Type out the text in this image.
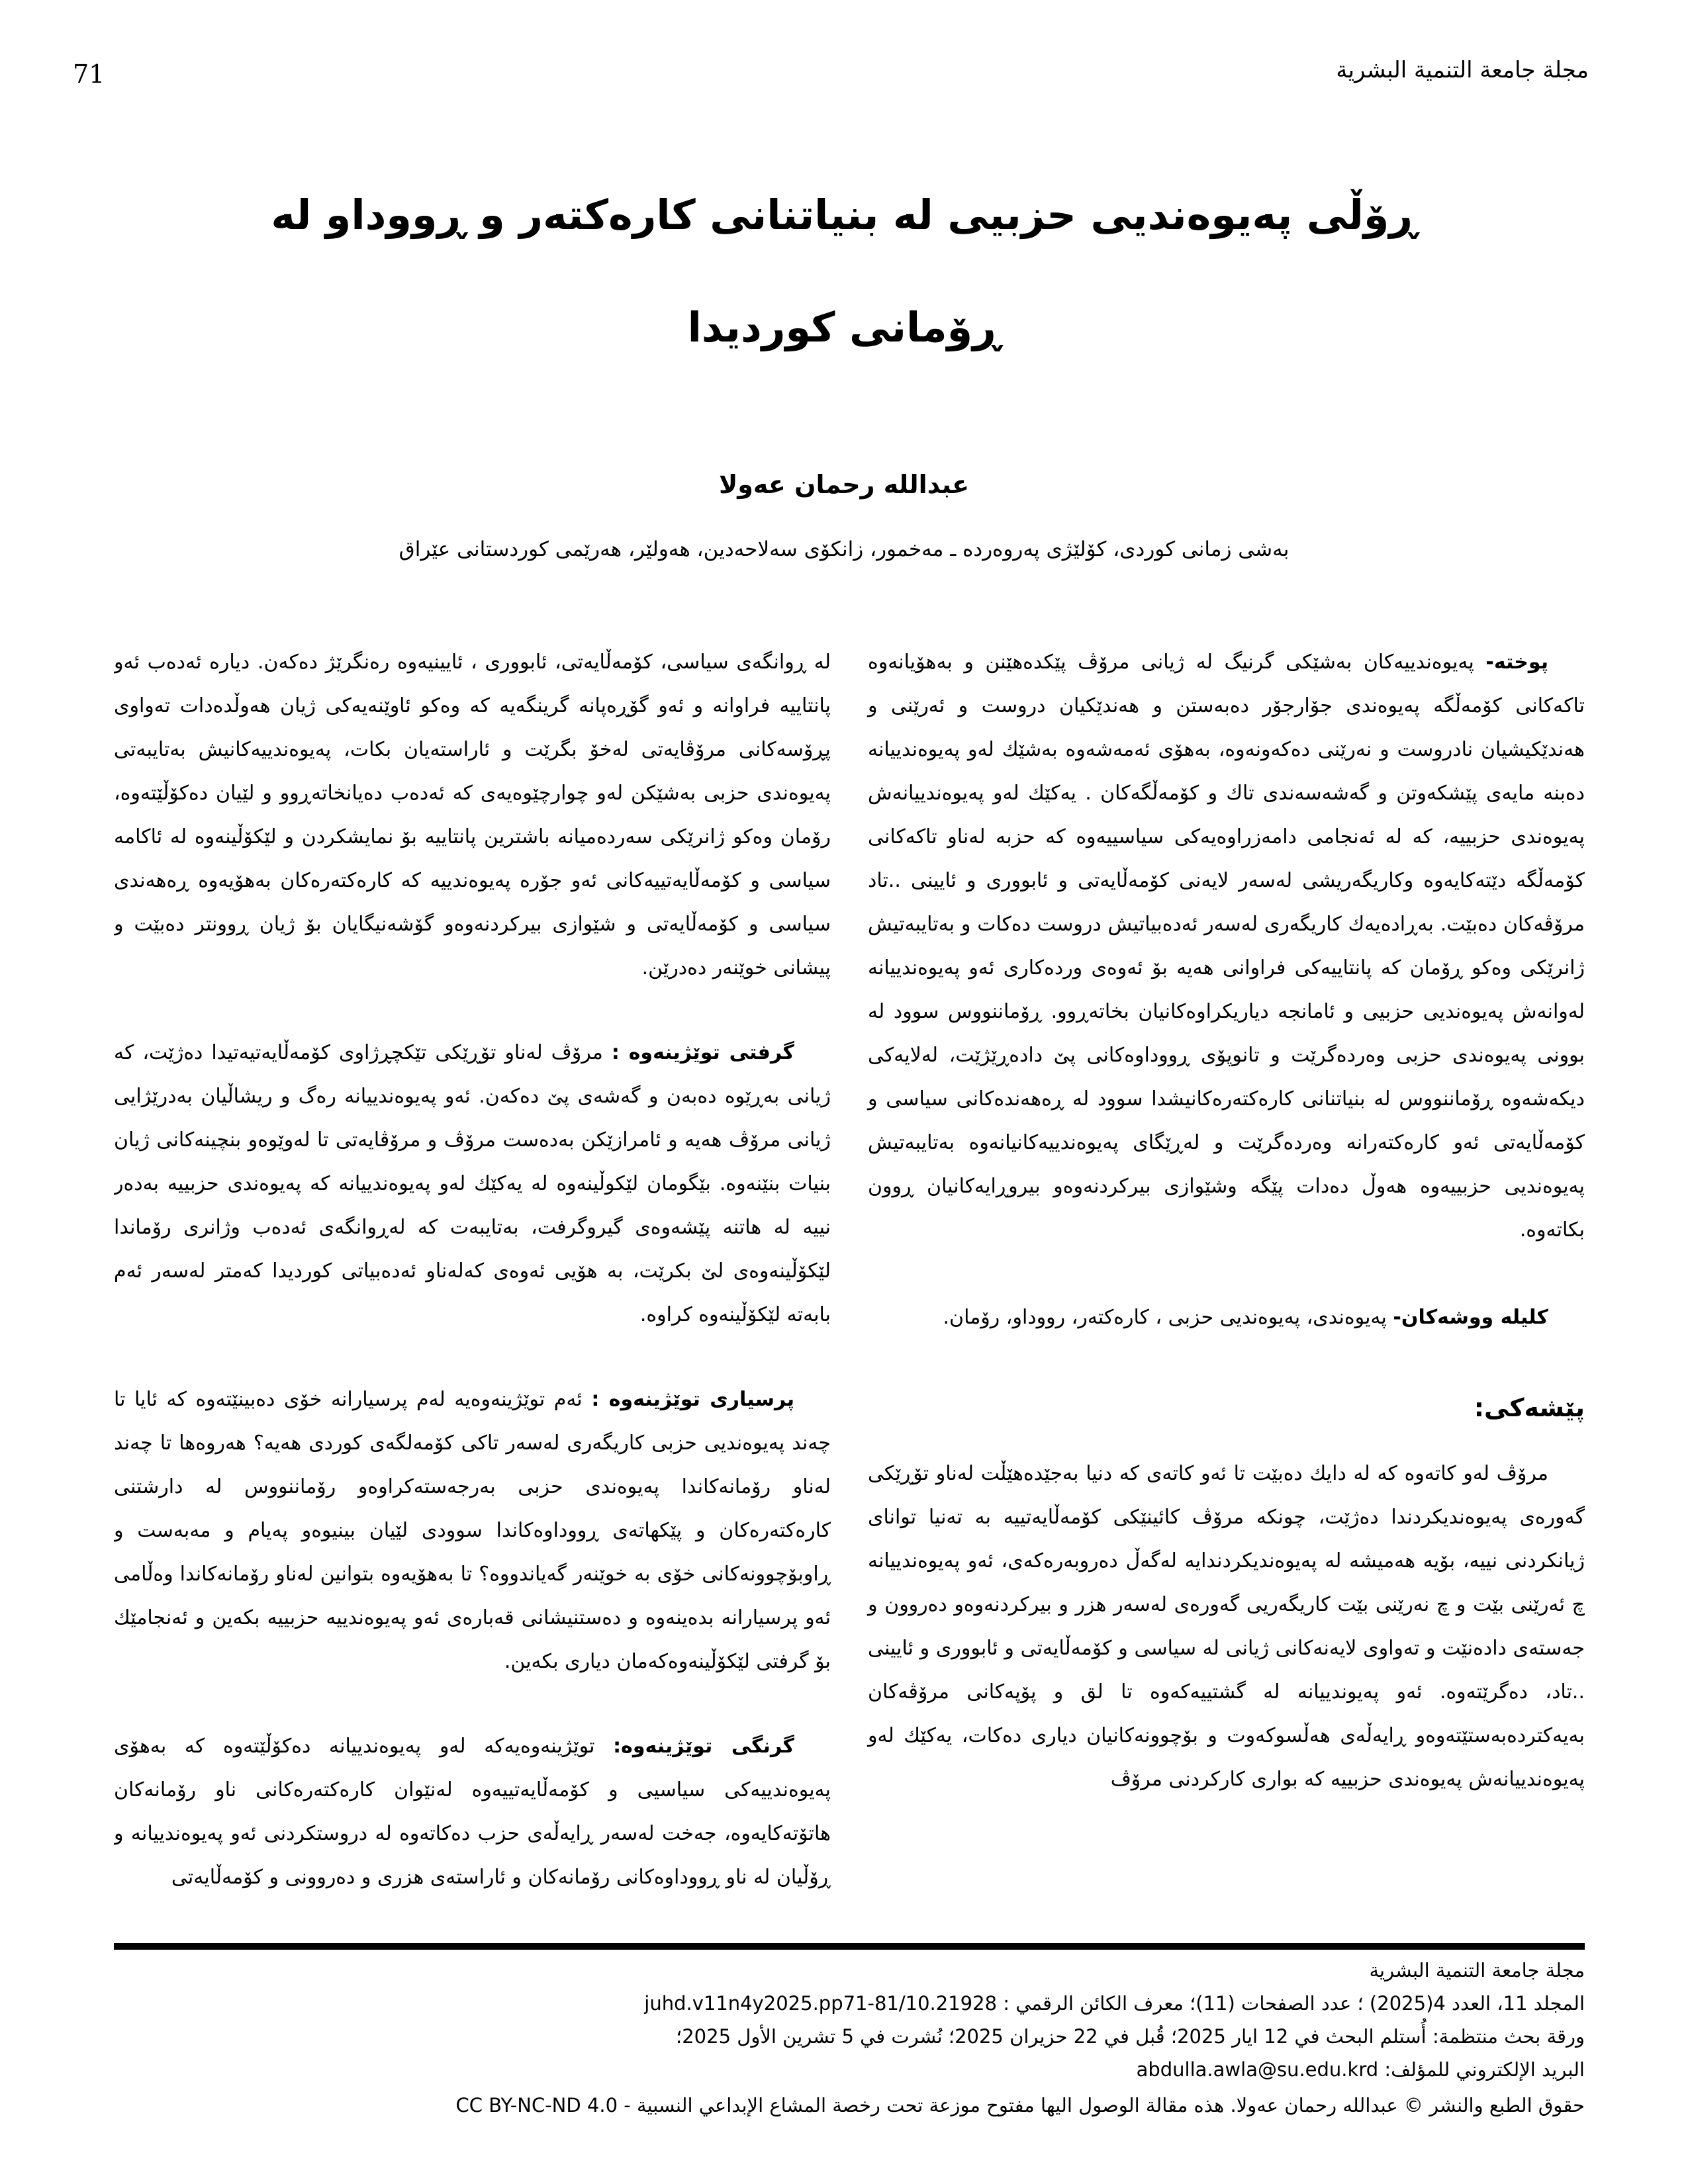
71	مجلة جامعة التنمية البشرية
ڕۆڵی پەیوەندیی حزبیی لە بنیاتنانی کارەکتەر و ڕووداو لە
ڕۆمانی کوردیدا
عبدالله رحمان عەولا
بەشی زمانی کوردی، کۆلێژی پەروەردە ـ مەخمور، زانکۆی سەلاحەدین، هەولێر، هەرێمی کوردستانی عێراق

پوخته- پەیوەندییەکان بەشێکی گرنیگ لە ژیانی مرۆڤ پێکدەهێنن و بەهۆیانەوە تاکەکانی کۆمەڵگە پەیوەندی جۆارجۆر دەبەستن و هەندێکیان دروست و ئەرێنی و هەندێکیشیان نادروست و نەرێنی دەکەونەوە، بەهۆی ئەمەشەوە بەشێك لەو پەیوەندییانە دەبنە مایەی پێشکەوتن و گەشەسەندی تاك و کۆمەڵگەکان . یەکێك لەو پەیوەندییانەش پەیوەندی حزبییە، کە لە ئەنجامی دامەزراوەیەکی سیاسییەوە کە حزبە لەناو تاکەکانی کۆمەڵگە دێتەکایەوە وکاریگەریشی لەسەر لایەنی کۆمەڵایەتی و ئابووری و ئایینی ..تاد مرۆڤەکان دەبێت. بەڕادەیەك کاریگەری لەسەر ئەدەبیاتیش دروست دەکات و بەتایبەتیش ژانرێکی وەکو ڕۆمان کە پانتاییەکی فراوانی هەیە بۆ ئەوەی وردەکاری ئەو پەیوەندییانە لەوانەش پەیوەندیی حزبیی و ئامانجە دیاریکراوەکانیان بخاتەڕوو. ڕۆماننووس سوود لە بوونی پەیوەندی حزبی وەردەگرێت و تانوپۆی ڕووداوەکانی پێ دادەڕێژێت، لەلایەکی دیکەشەوە ڕۆماننووس لە بنیاتنانی کارەکتەرەکانیشدا سوود لە ڕەهەندەکانی سیاسی و کۆمەڵایەتی ئەو کارەکتەرانە وەردەگرێت و لەڕێگای پەیوەندییەکانیانەوە بەتایبەتیش پەیوەندیی حزبییەوە هەوڵ دەدات پێگە وشێوازی بیرکردنەوەو بیروڕایەکانیان ڕوون بکاتەوە.

کلیلە ووشەکان- پەیوەندی، پەیوەندیی حزبی ، کارەکتەر، رووداو، رۆمان.

پێشەکی:

مرۆڤ لەو کاتەوە کە لە دایك دەبێت تا ئەو کاتەی کە دنیا بەجێدەهێڵت لەناو تۆڕێکی گەورەی پەیوەندیکردندا دەژێت، چونکە مرۆڤ کائینێکی کۆمەڵایەتییە بە تەنیا توانای ژیانکردنی نییە، بۆیە هەمیشە لە پەیوەندیکردندایە لەگەڵ دەروبەرەکەی، ئەو پەیوەندییانە چ ئەرێنی بێت و چ نەرێنی بێت کاریگەریی گەورەی لەسەر هزر و بیرکردنەوەو دەروون و جەستەی دادەنێت و تەواوی لایەنەکانی ژیانی لە سیاسی و کۆمەڵایەتی و ئابووری و ئایینی ..تاد، دەگرێتەوە. ئەو پەیوندییانە لە گشتییەکەوە تا لق و پۆپەکانی مرۆڤەکان بەیەکتردەبەستێتەوەو ڕایەڵەی هەڵسوکەوت و بۆچوونەکانیان دیاری دەکات، یەکێك لەو پەیوەندییانەش پەیوەندی حزبییە کە بواری کارکردنی مرۆڤ

لە ڕوانگەی سیاسی، کۆمەڵایەتی، ئابووری ، ئایینیەوە رەنگرێژ دەکەن. دیارە ئەدەب ئەو پانتاییە فراوانە و ئەو گۆڕەپانە گرینگەیە کە وەکو ئاوێنەیەکی ژیان هەوڵدەدات تەواوی پڕۆسەکانی مرۆڤایەتی لەخۆ بگرێت و ئاراستەیان بکات، پەیوەندییەکانیش بەتایبەتی پەیوەندی حزبی بەشێکن لەو چوارچێوەیەی کە ئەدەب دەیانخاتەڕوو و لێیان دەکۆڵێتەوە، رۆمان وەکو ژانرێکی سەردەمیانە باشترین پانتاییە بۆ نمایشکردن و لێکۆڵینەوە لە ئاکامە سیاسی و کۆمەڵایەتییەکانی ئەو جۆرە پەیوەندییە کە کارەکتەرەکان بەهۆیەوە ڕەهەندی سیاسی و کۆمەڵایەتی و شێوازی بیرکردنەوەو گۆشەنیگایان بۆ ژیان ڕوونتر دەبێت و پیشانی خوێنەر دەدرێن.

گرفتی توێژینەوە : مرۆڤ لەناو تۆڕێکی تێکچڕژاوی کۆمەڵایەتیەتیدا دەژێت، کە ژیانی بەڕێوە دەبەن و گەشەی پێ دەکەن. ئەو پەیوەندییانە رەگ و ریشاڵیان بەدرێژایی ژیانی مرۆڤ هەیە و ئامرازێکن بەدەست مرۆڤ و مرۆڤایەتی تا لەوێوەو بنچینەکانی ژیان بنیات بنێنەوە. بێگومان لێکوڵینەوە لە یەکێك لەو پەیوەندییانە کە پەیوەندی حزبییە بەدەر نییە لە هاتنە پێشەوەی گیروگرفت، بەتایبەت کە لەڕوانگەی ئەدەب وژانری رۆماندا لێکۆڵینەوەی لێ بکرێت، بە هۆیی ئەوەی کەلەناو ئەدەبیاتی کوردیدا کەمتر لەسەر ئەم بابەتە لێکۆڵینەوە کراوە.

پرسیاری توێژینەوە : ئەم توێژینەوەیە لەم پرسیارانە خۆی دەبینێتەوە کە ئایا تا چەند پەیوەندیی حزبی کاریگەری لەسەر تاکی کۆمەلگەی کوردی هەیە؟ هەروەها تا چەند لەناو رۆمانەکاندا پەیوەندی حزبی بەرجەستەکراوەو رۆماننووس لە دارشتنی کارەکتەرەکان و پێکهاتەی ڕووداوەکاندا سوودی لێیان بینیوەو پەیام و مەبەست و ڕاوبۆچوونەکانی خۆی بە خوێنەر گەیاندووە؟ تا بەهۆیەوە بتوانین لەناو رۆمانەکاندا وەڵامی ئەو پرسیارانە بدەینەوە و دەستنیشانی قەبارەی ئەو پەیوەندییە حزبییە بکەین و ئەنجامێك بۆ گرفتی لێکۆڵینەوەکەمان دیاری بکەین.

گرنگی توێژینەوە: توێژینەوەیەکە لەو پەیوەندییانە دەکۆڵێتەوە کە بەهۆی پەیوەندییەکی سیاسیی و کۆمەڵایەتییەوە لەنێوان کارەکتەرەکانی ناو رۆمانەکان هاتۆتەکایەوە، جەخت لەسەر ڕایەڵەی حزب دەکاتەوە لە دروستکردنی ئەو پەیوەندییانە و ڕۆڵیان لە ناو ڕووداوەکانی رۆمانەکان و ئاراستەی هزری و دەروونی و کۆمەڵایەتی

مجلة جامعة التنمية البشرية

المجلد 11، العدد 4(2025) ؛ عدد الصفحات (11)؛ معرف الكائن الرقمي : 10.21928/juhd.v11n4y2025.pp71-81

ورقة بحث منتظمة: أُستلم البحث في 12 ايار 2025؛ قُبل في 22 حزيران 2025؛ نُشرت في 5 تشرين الأول 2025؛

البريد الإلكتروني للمؤلف: abdulla.awla@su.edu.krd

حقوق الطبع والنشر © عبدالله رحمان عەولا. هذه مقالة الوصول اليها مفتوح موزعة تحت رخصة المشاع الإبداعي النسبية - CC BY-NC-ND 4.0
